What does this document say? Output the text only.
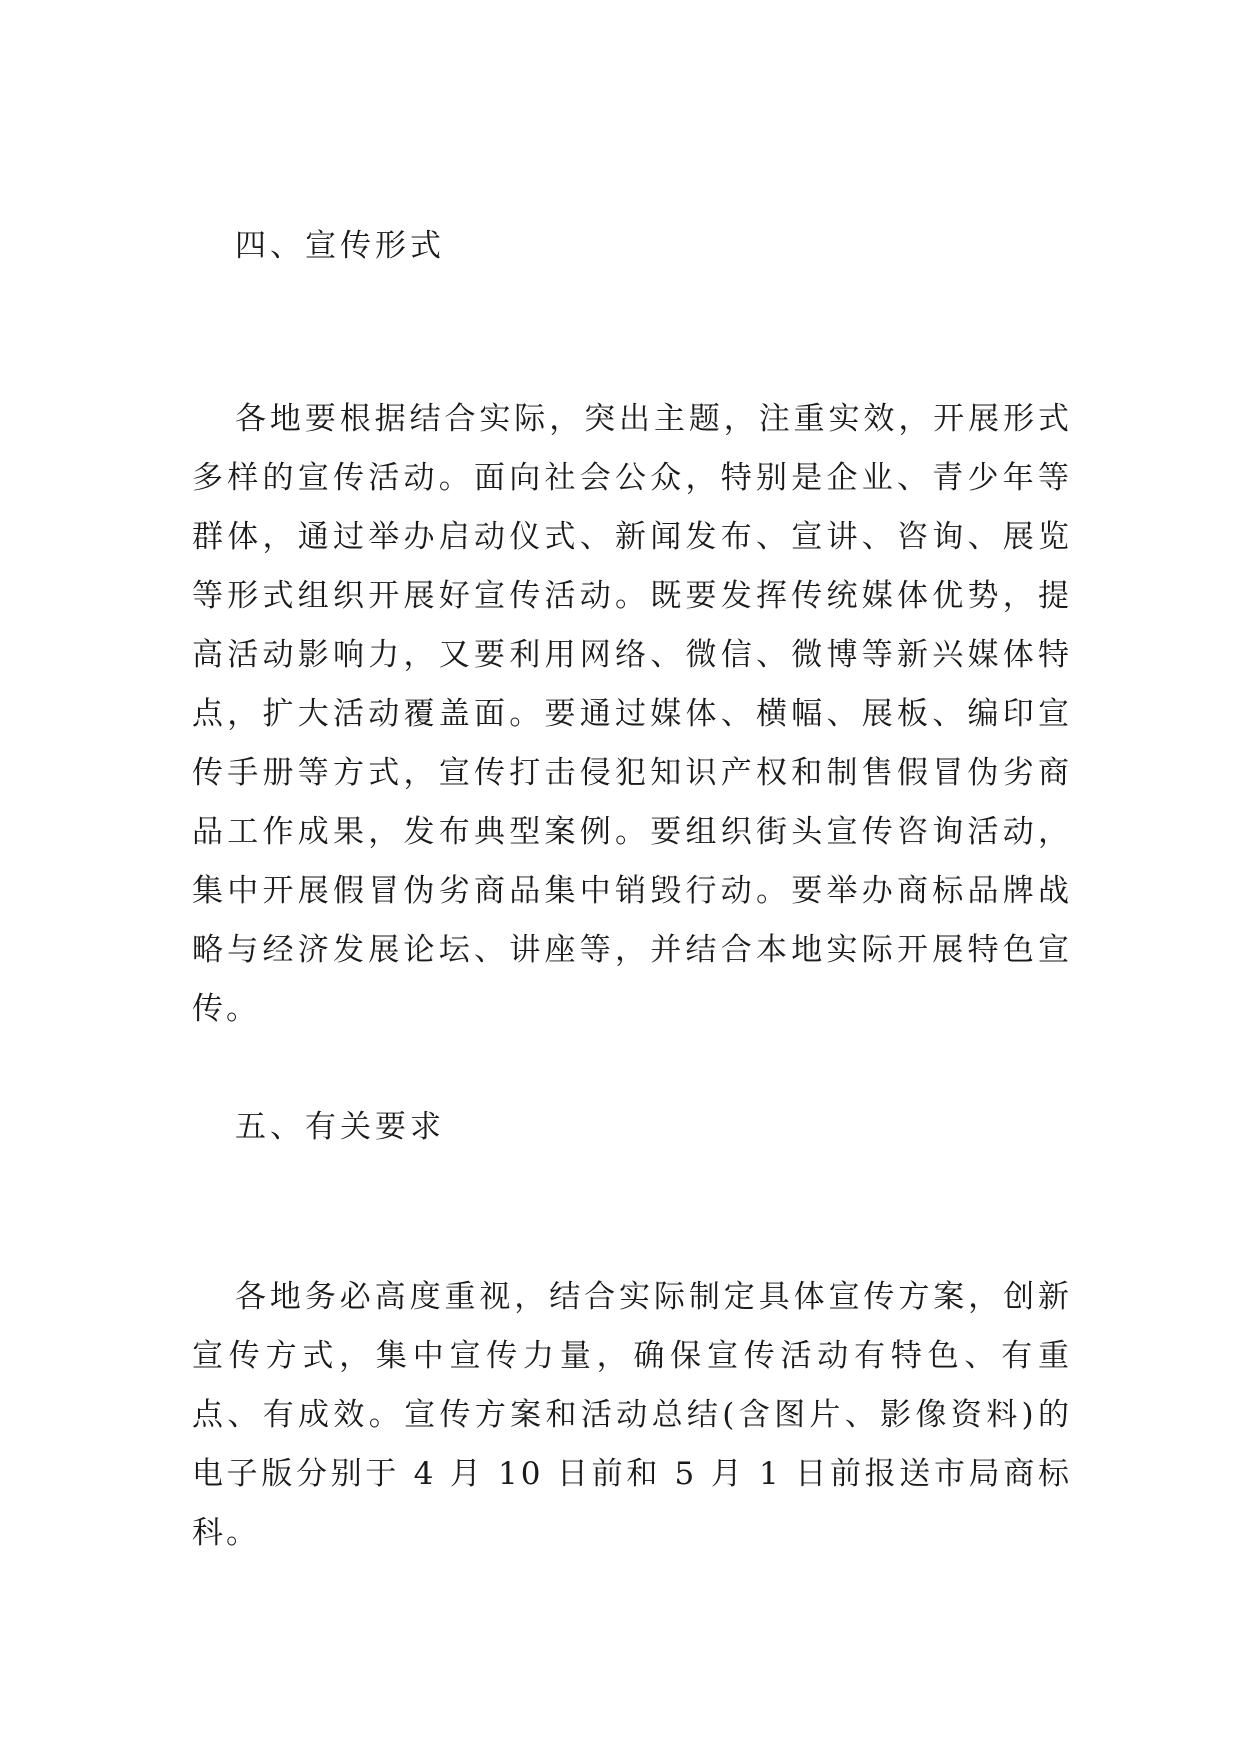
四、宣传形式

各地要根据结合实际，突出主题，注重实效，开展形式多样的宣传活动。面向社会公众，特别是企业、青少年等群体，通过举办启动仪式、新闻发布、宣讲、咨询、展览等形式组织开展好宣传活动。既要发挥传统媒体优势，提高活动影响力，又要利用网络、微信、微博等新兴媒体特点，扩大活动覆盖面。要通过媒体、横幅、展板、编印宣传手册等方式，宣传打击侵犯知识产权和制售假冒伪劣商品工作成果，发布典型案例。要组织街头宣传咨询活动，集中开展假冒伪劣商品集中销毁行动。要举办商标品牌战略与经济发展论坛、讲座等，并结合本地实际开展特色宣传。

五、有关要求

各地务必高度重视，结合实际制定具体宣传方案，创新宣传方式，集中宣传力量，确保宣传活动有特色、有重点、有成效。宣传方案和活动总结(含图片、影像资料)的电子版分别于 4 月 10 日前和 5 月 1 日前报送市局商标科。
